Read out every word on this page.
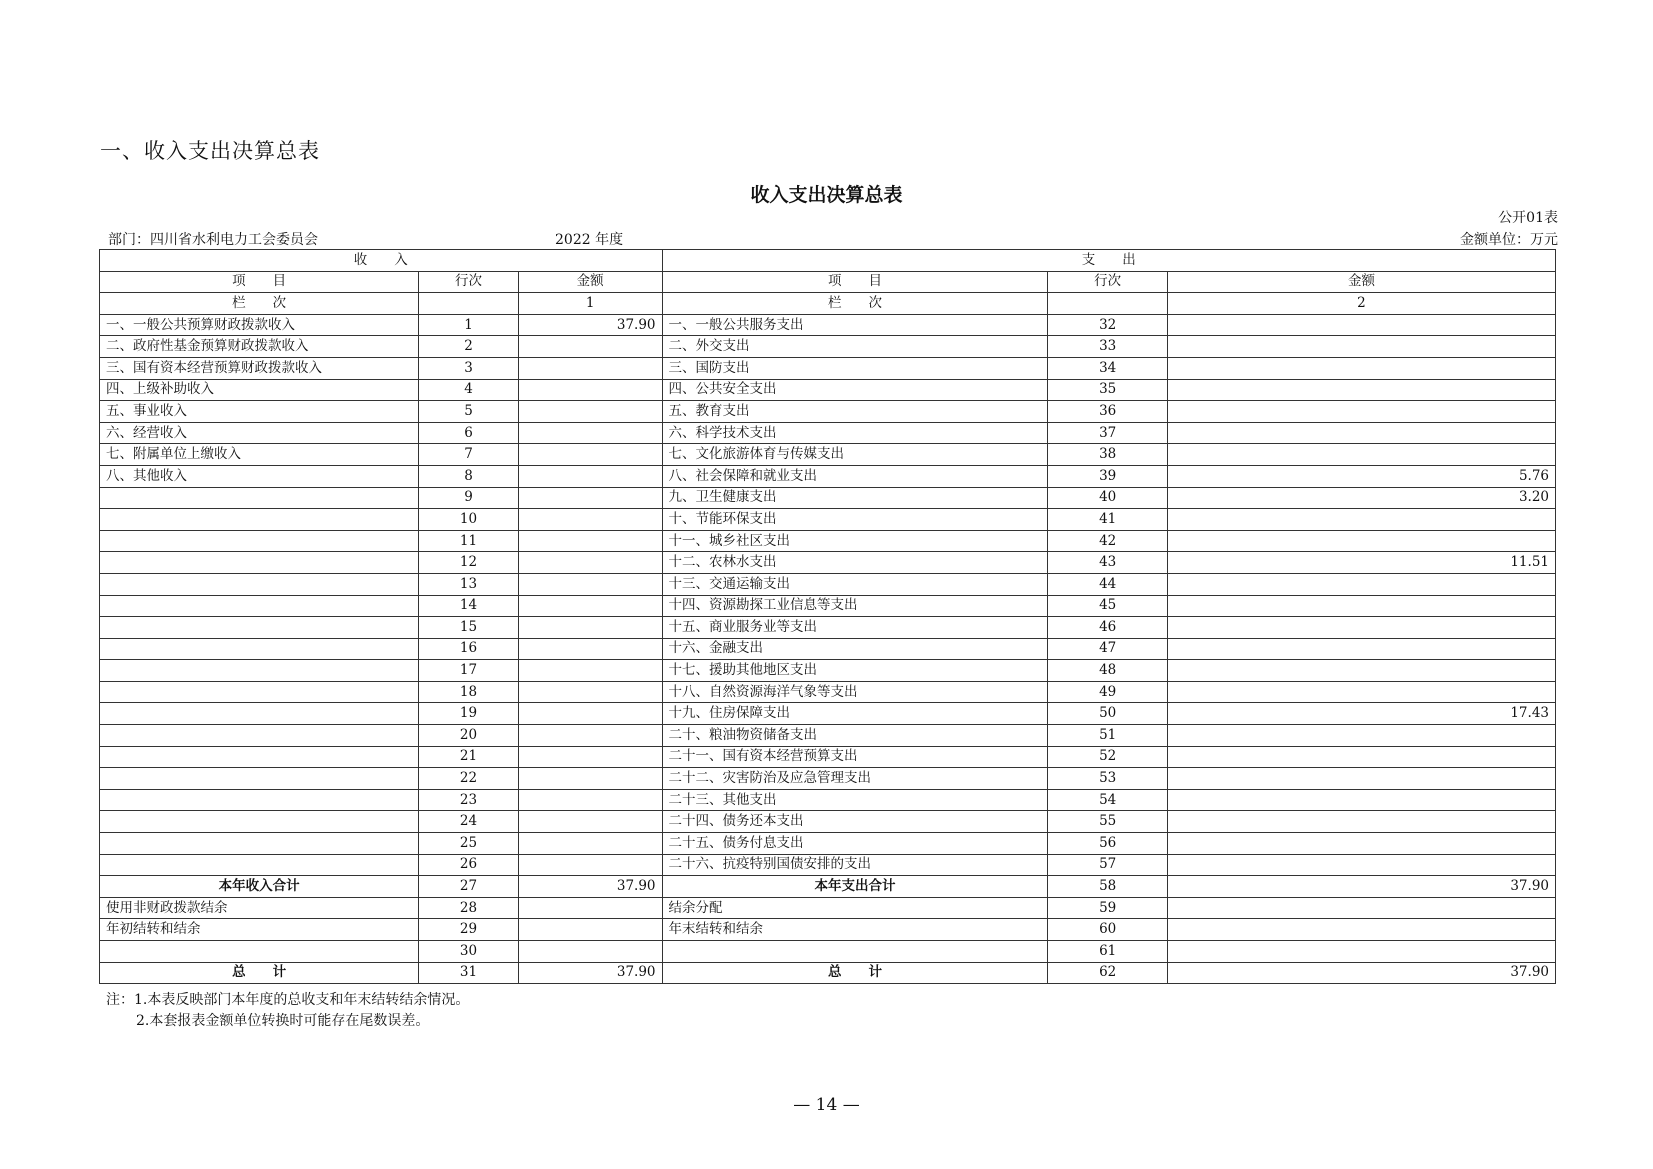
一、收入支出决算总表
收入支出决算总表
公开01表
部门：四川省水利电力工会委员会	2022 年度	金额单位：万元
收　　入			支　　出		
项　　目	行次	金额	项　　目	行次	金额
栏　　次		1	栏　　次		2
一、一般公共预算财政拨款收入	1	37.90	一、一般公共服务支出	32	
二、政府性基金预算财政拨款收入	2		二、外交支出	33	
三、国有资本经营预算财政拨款收入	3		三、国防支出	34	
四、上级补助收入	4		四、公共安全支出	35	
五、事业收入	5		五、教育支出	36	
六、经营收入	6		六、科学技术支出	37	
七、附属单位上缴收入	7		七、文化旅游体育与传媒支出	38	
八、其他收入	8		八、社会保障和就业支出	39	5.76
	9		九、卫生健康支出	40	3.20
	10		十、节能环保支出	41	
	11		十一、城乡社区支出	42	
	12		十二、农林水支出	43	11.51
	13		十三、交通运输支出	44	
	14		十四、资源勘探工业信息等支出	45	
	15		十五、商业服务业等支出	46	
	16		十六、金融支出	47	
	17		十七、援助其他地区支出	48	
	18		十八、自然资源海洋气象等支出	49	
	19		十九、住房保障支出	50	17.43
	20		二十、粮油物资储备支出	51	
	21		二十一、国有资本经营预算支出	52	
	22		二十二、灾害防治及应急管理支出	53	
	23		二十三、其他支出	54	
	24		二十四、债务还本支出	55	
	25		二十五、债务付息支出	56	
	26		二十六、抗疫特别国债安排的支出	57	
本年收入合计	27	37.90	本年支出合计	58	37.90
使用非财政拨款结余	28		结余分配	59	
年初结转和结余	29		年末结转和结余	60	
	30			61	
总　　计	31	37.90	总　　计	62	37.90
注：1.本表反映部门本年度的总收支和年末结转结余情况。
2.本套报表金额单位转换时可能存在尾数误差。
— 14 —
